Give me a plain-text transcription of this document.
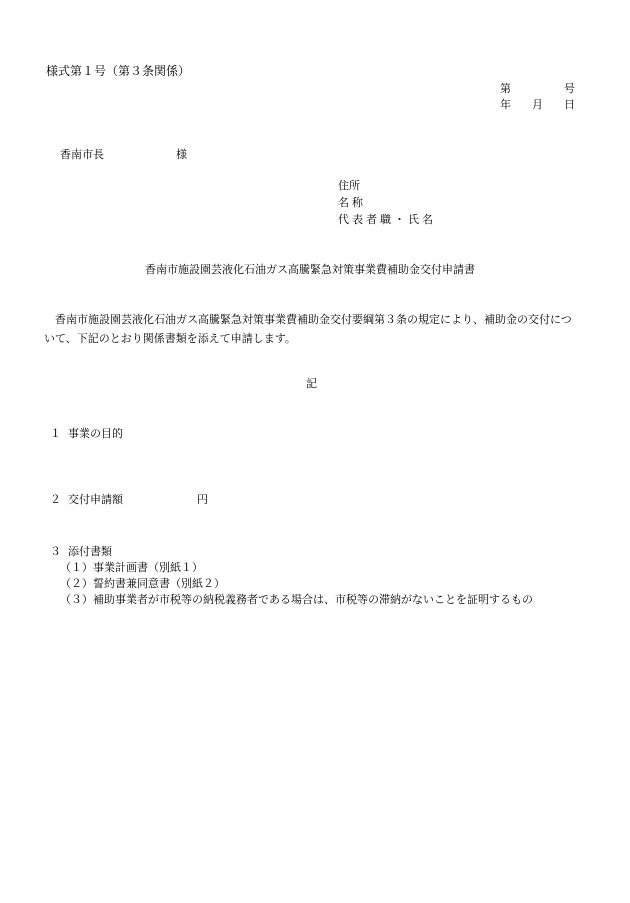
様式第１号（第３条関係）
第	号
年 月 日
香南市長	様
住所
名称
代表者職・氏名
香南市施設園芸液化石油ガス高騰緊急対策事業費補助金交付申請書
香南市施設園芸液化石油ガス高騰緊急対策事業費補助金交付要綱第３条の規定により、補助金の交付について、下記のとおり関係書類を添えて申請します。
記
１ 事業の目的
２ 交付申請額	円
３ 添付書類
（１）事業計画書（別紙１）
（２）誓約書兼同意書（別紙２）
（３）補助事業者が市税等の納税義務者である場合は、市税等の滞納がないことを証明するもの
